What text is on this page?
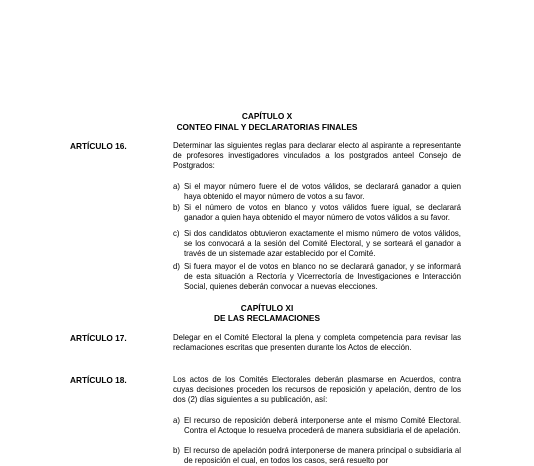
CAPÍTULO X
CONTEO FINAL Y DECLARATORIAS FINALES
ARTÍCULO 16.	Determinar las siguientes reglas para declarar electo al aspirante a representante de profesores investigadores vinculados a los postgrados anteel Consejo de Postgrados:
a) Si el mayor número fuere el de votos válidos, se declarará ganador a quien haya obtenido el mayor número de votos a su favor.
b) Si el número de votos en blanco y votos válidos fuere igual, se declarará ganador a quien haya obtenido el mayor número de votos válidos a su favor.
c) Si dos candidatos obtuvieron exactamente el mismo número de votos válidos, se los convocará a la sesión del Comité Electoral, y se sorteará el ganador a través de un sistemade azar establecido por el Comité.
d) Si fuera mayor el de votos en blanco no se declarará ganador, y se informará de esta situación a Rectoría y Vicerrectoría de Investigaciones e Interacción Social, quienes deberán convocar a nuevas elecciones.
CAPÍTULO XI
DE LAS RECLAMACIONES
ARTÍCULO 17.	Delegar en el Comité Electoral la plena y completa competencia para revisar las reclamaciones escritas que presenten durante los Actos de elección.
ARTÍCULO 18.	Los actos de los Comités Electorales deberán plasmarse en Acuerdos, contra cuyas decisiones proceden los recursos de reposición y apelación, dentro de los dos (2) días siguientes a su publicación, así:
a) El recurso de reposición deberá interponerse ante el mismo Comité Electoral. Contra el Actoque lo resuelva procederá de manera subsidiaria el de apelación.
b) El recurso de apelación podrá interponerse de manera principal o subsidiaria al de reposición el cual, en todos los casos, será resuelto por
